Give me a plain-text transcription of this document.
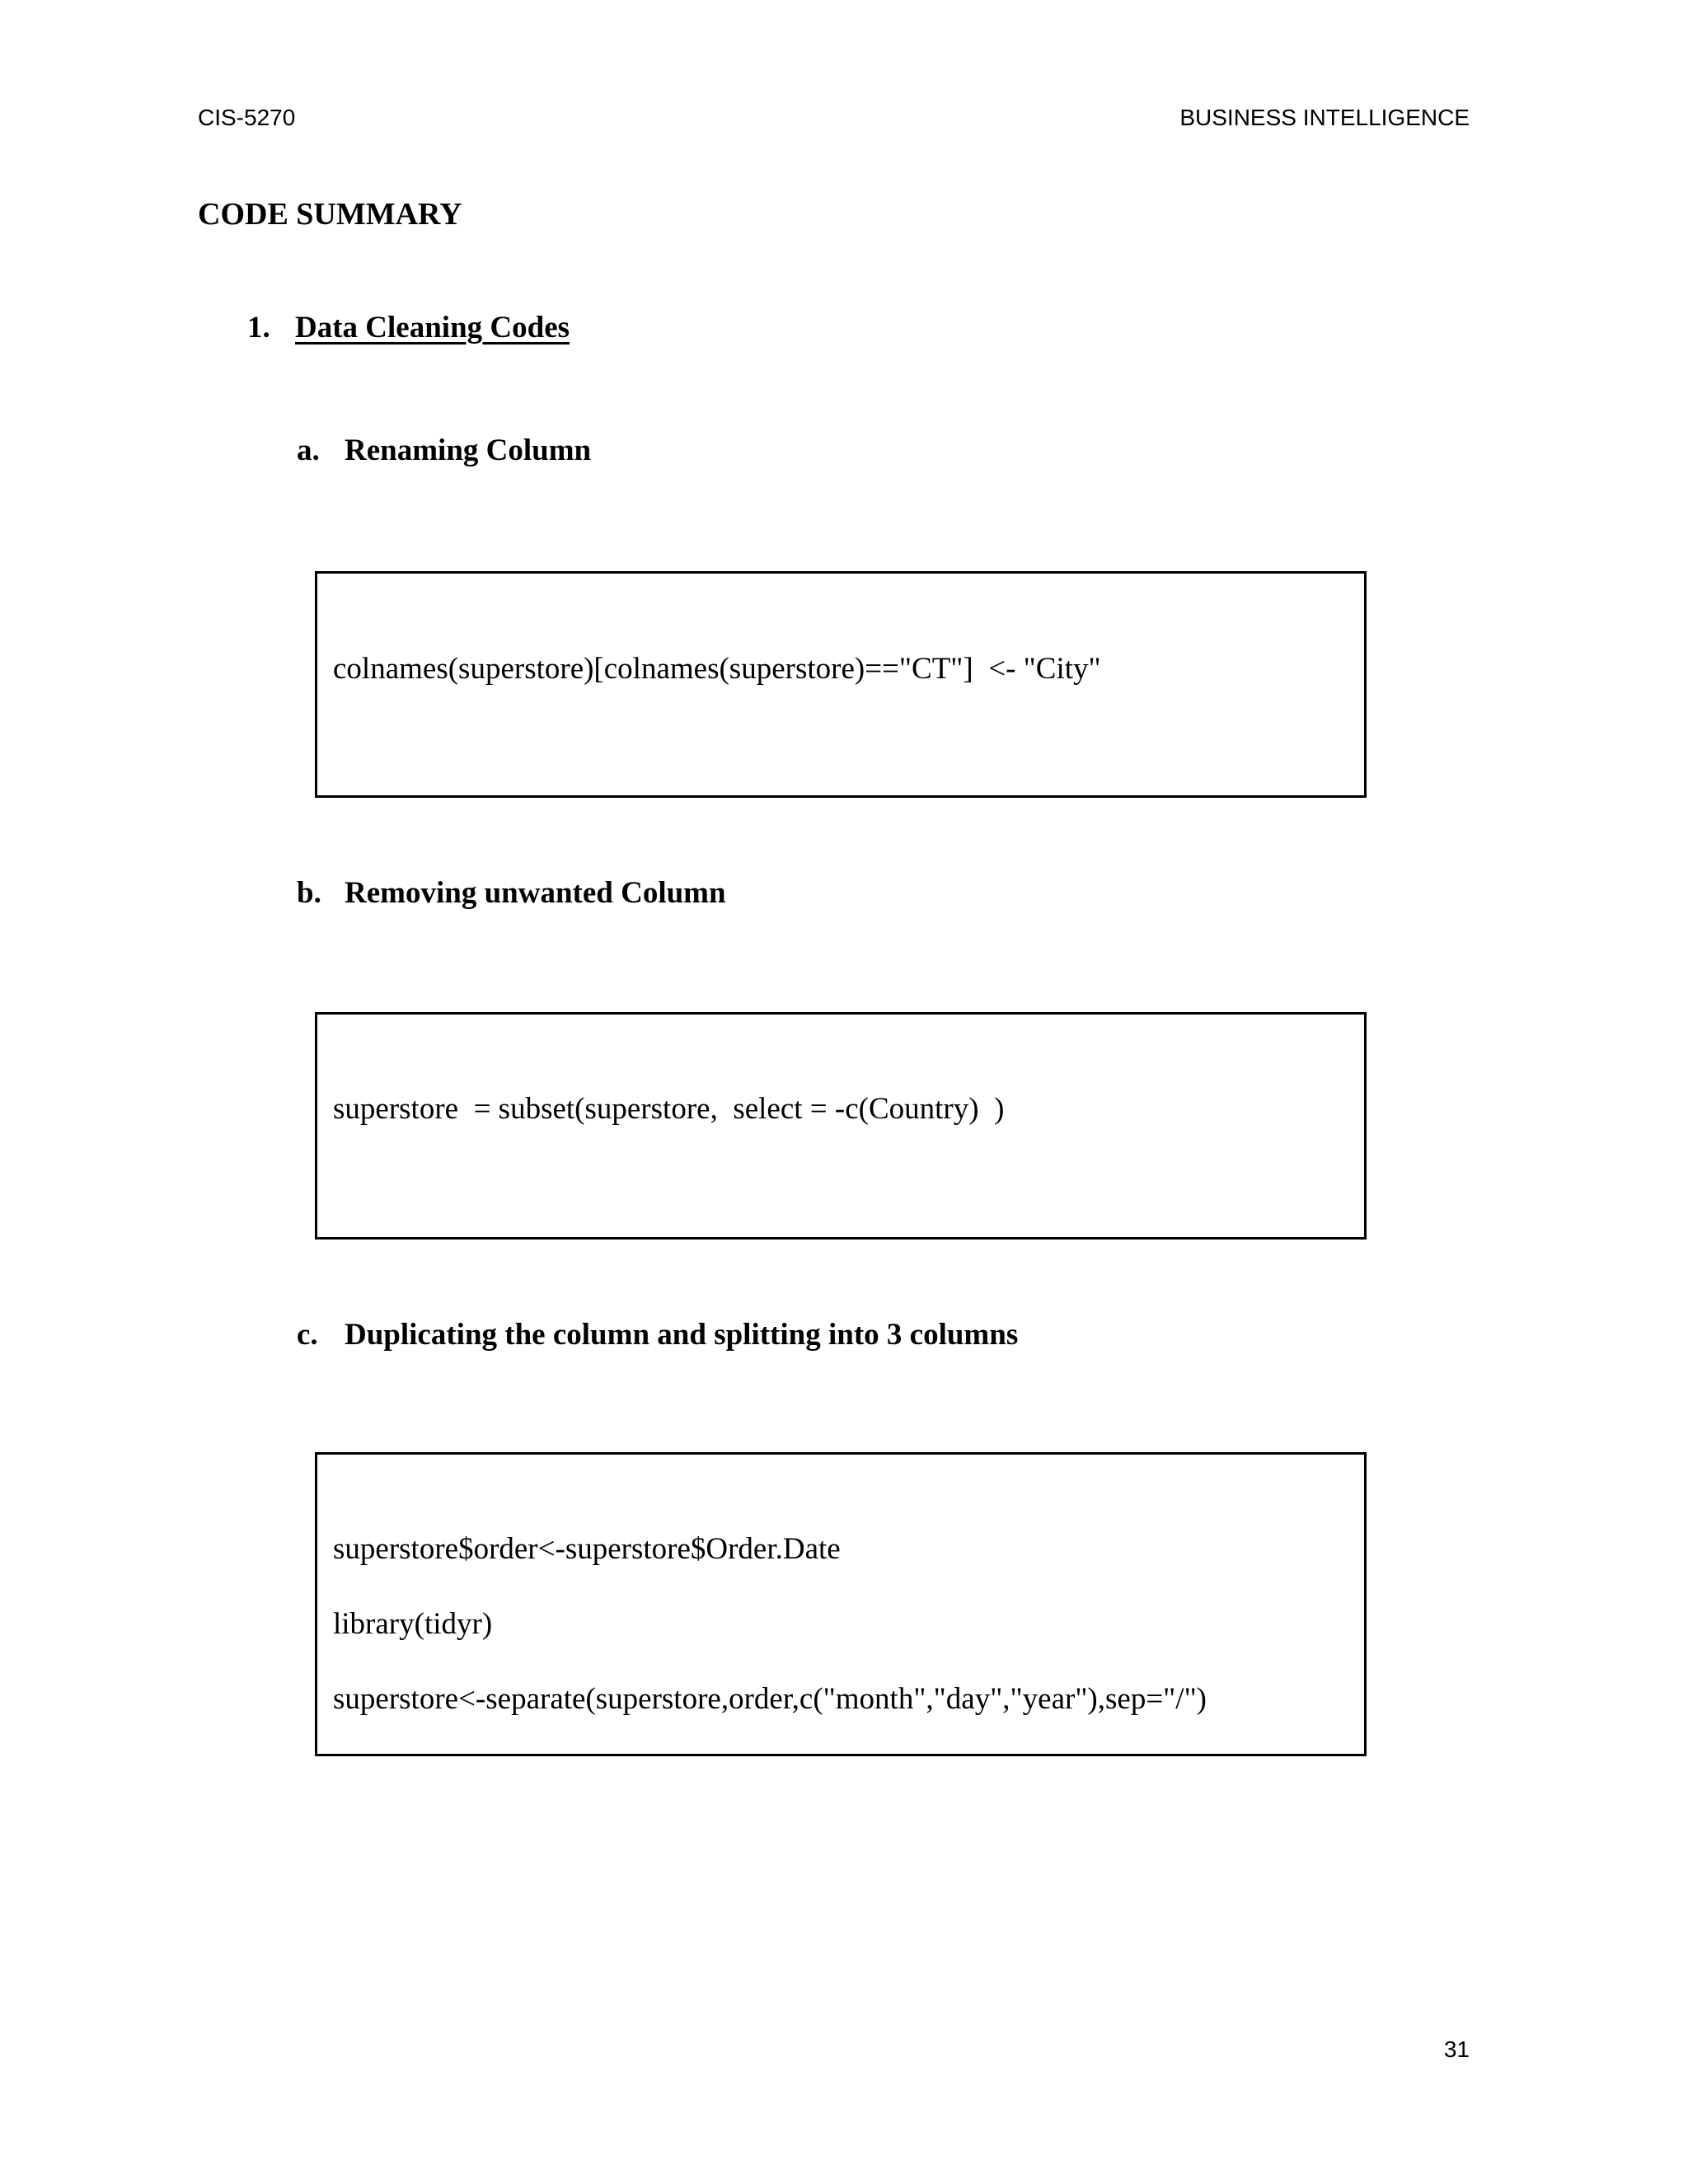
CIS-5270	BUSINESS INTELLIGENCE
CODE SUMMARY
1. Data Cleaning Codes
a. Renaming Column
colnames(superstore)[colnames(superstore)=="CT"]  <- "City"
b. Removing unwanted Column
superstore  = subset(superstore,  select = -c(Country)  )
c. Duplicating the column and splitting into 3 columns
superstore$order<-superstore$Order.Date
library(tidyr)
superstore<-separate(superstore,order,c("month","day","year"),sep="/")
31
